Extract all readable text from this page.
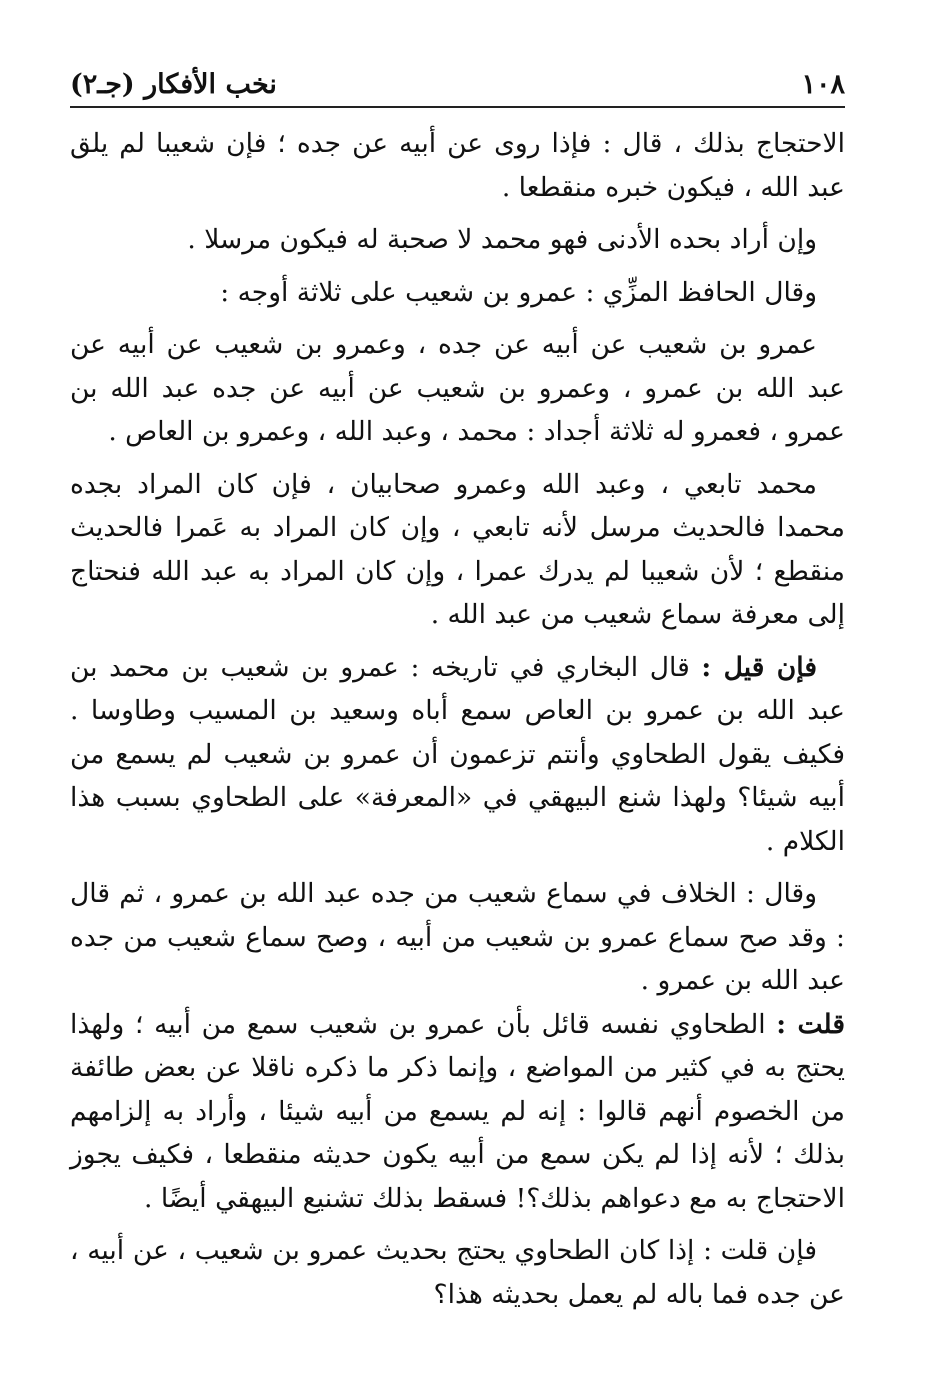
١٠٨
نخب الأفكار (جـ٢)

الاحتجاج بذلك ، قال : فإذا روى عن أبيه عن جده ؛ فإن شعيبا لم يلق عبد الله ، فيكون خبره منقطعا .

وإن أراد بحده الأدنى فهو محمد لا صحبة له فيكون مرسلا .

وقال الحافظ المزِّي : عمرو بن شعيب على ثلاثة أوجه :

عمرو بن شعيب عن أبيه عن جده ، وعمرو بن شعيب عن أبيه عن عبد الله بن عمرو ، وعمرو بن شعيب عن أبيه عن جده عبد الله بن عمرو ، فعمرو له ثلاثة أجداد : محمد ، وعبد الله ، وعمرو بن العاص .

محمد تابعي ، وعبد الله وعمرو صحابيان ، فإن كان المراد بجده محمدا فالحديث مرسل لأنه تابعي ، وإن كان المراد به عَمرا فالحديث منقطع ؛ لأن شعيبا لم يدرك عمرا ، وإن كان المراد به عبد الله فنحتاج إلى معرفة سماع شعيب من عبد الله .

فإن قيل : قال البخاري في تاريخه : عمرو بن شعيب بن محمد بن عبد الله بن عمرو بن العاص سمع أباه وسعيد بن المسيب وطاوسا . فكيف يقول الطحاوي وأنتم تزعمون أن عمرو بن شعيب لم يسمع من أبيه شيئا؟ ولهذا شنع البيهقي في «المعرفة» على الطحاوي بسبب هذا الكلام .

وقال : الخلاف في سماع شعيب من جده عبد الله بن عمرو ، ثم قال : وقد صح سماع عمرو بن شعيب من أبيه ، وصح سماع شعيب من جده عبد الله بن عمرو .

قلت : الطحاوي نفسه قائل بأن عمرو بن شعيب سمع من أبيه ؛ ولهذا يحتج به في كثير من المواضع ، وإنما ذكر ما ذكره ناقلا عن بعض طائفة من الخصوم أنهم قالوا : إنه لم يسمع من أبيه شيئا ، وأراد به إلزامهم بذلك ؛ لأنه إذا لم يكن سمع من أبيه يكون حديثه منقطعا ، فكيف يجوز الاحتجاج به مع دعواهم بذلك؟! فسقط بذلك تشنيع البيهقي أيضًا .

فإن قلت : إذا كان الطحاوي يحتج بحديث عمرو بن شعيب ، عن أبيه ، عن جده فما باله لم يعمل بحديثه هذا؟
